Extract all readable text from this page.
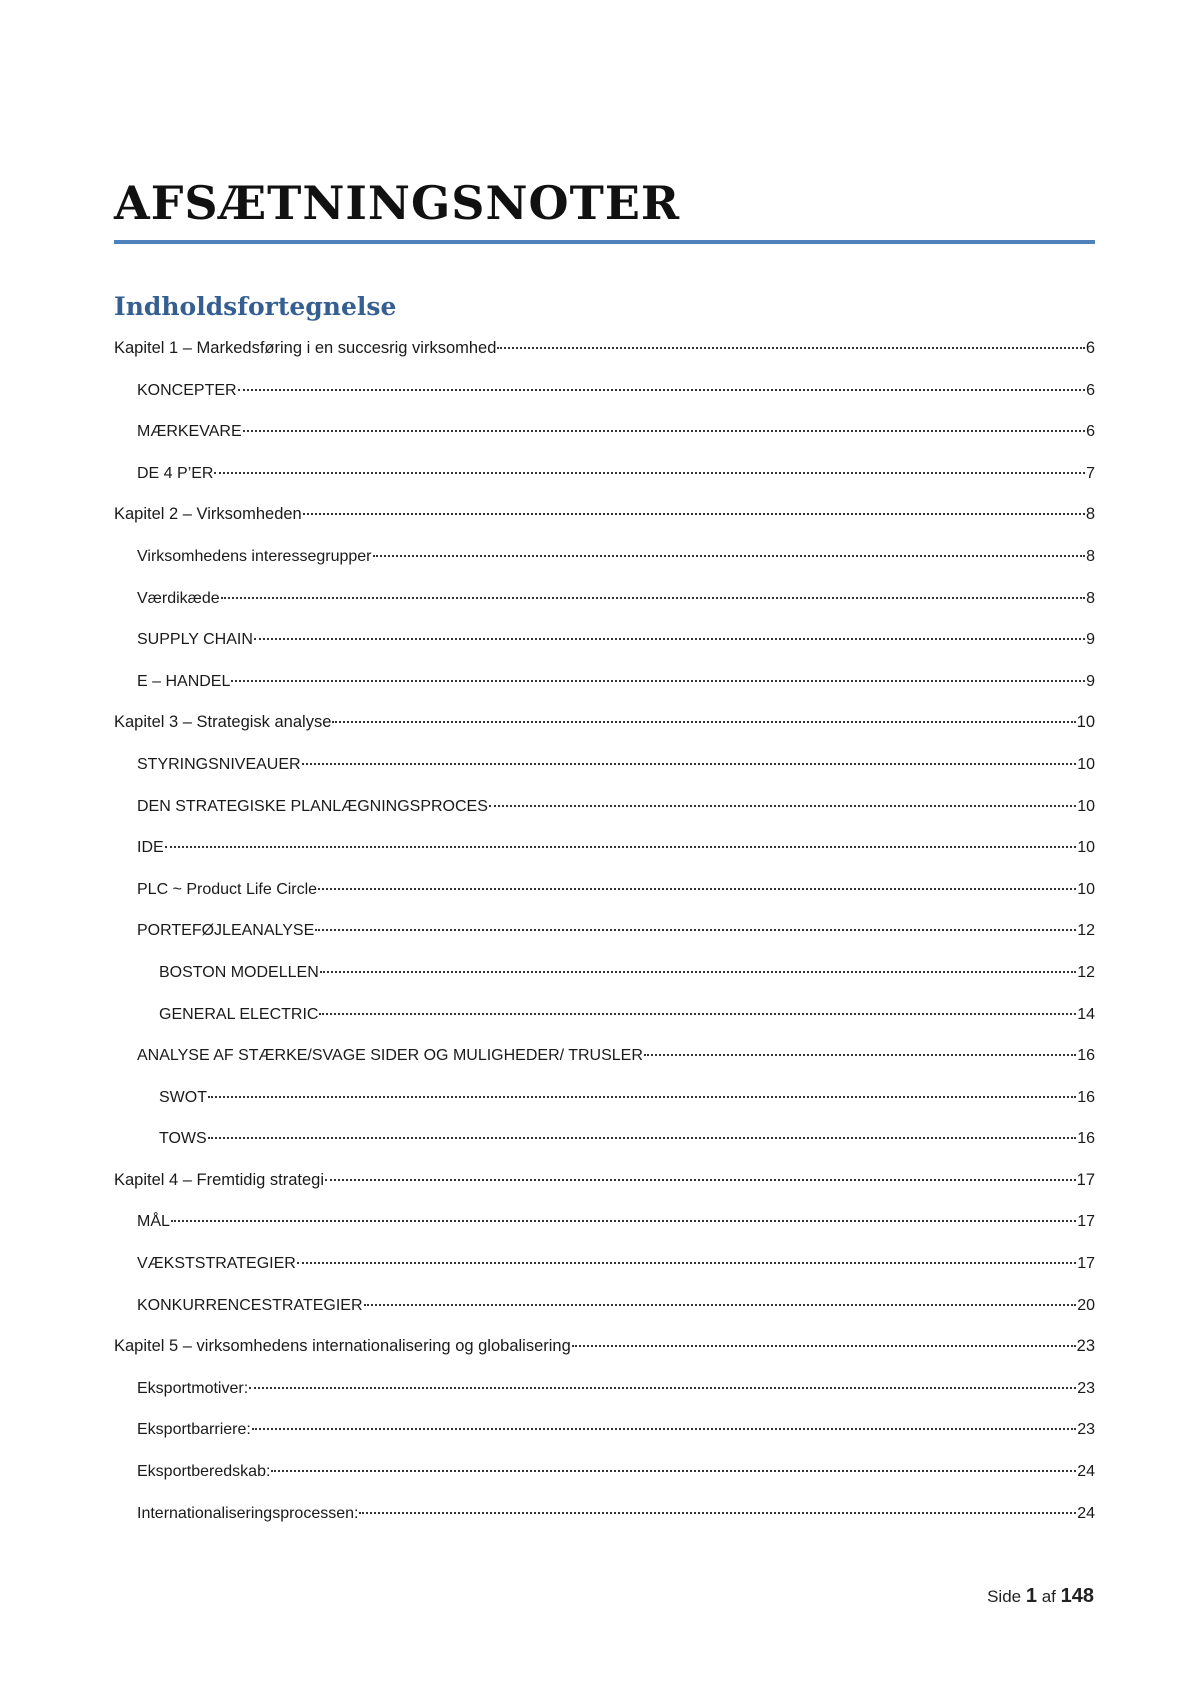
AFSÆTNINGSNOTER
Indholdsfortegnelse
Kapitel 1 – Markedsføring i en succesrig virksomhed	6
KONCEPTER	6
MÆRKEVARE	6
DE 4 P’ER	7
Kapitel 2 – Virksomheden	8
Virksomhedens interessegrupper	8
Værdikæde	8
SUPPLY CHAIN	9
E – HANDEL	9
Kapitel 3 – Strategisk analyse	10
STYRINGSNIVEAUER	10
DEN STRATEGISKE PLANLÆGNINGSPROCES	10
IDE	10
PLC ~ Product Life Circle	10
PORTEFØJLEANALYSE	12
BOSTON MODELLEN	12
GENERAL ELECTRIC	14
ANALYSE AF STÆRKE/SVAGE SIDER OG MULIGHEDER/ TRUSLER	16
SWOT	16
TOWS	16
Kapitel 4 – Fremtidig strategi	17
MÅL	17
VÆKSTSTRATEGIER	17
KONKURRENCESTRATEGIER	20
Kapitel 5 – virksomhedens internationalisering og globalisering	23
Eksportmotiver:	23
Eksportbarriere:	23
Eksportberedskab:	24
Internationaliseringsprocessen:	24
Side 1 af 148
